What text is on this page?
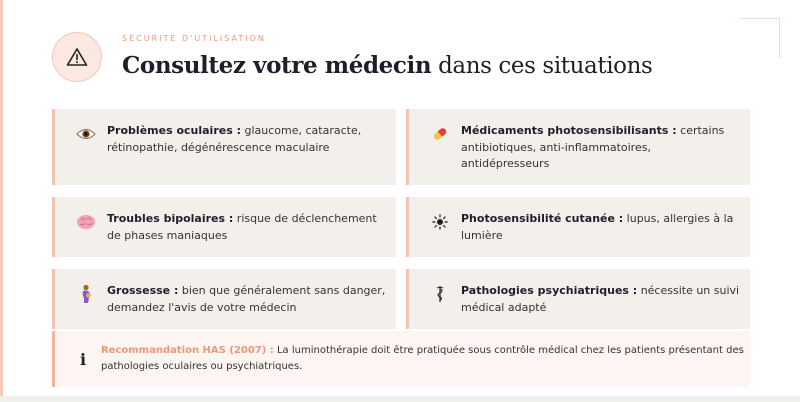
SÉCURITÉ D'UTILISATION
Consultez votre médecin dans ces situations
Problèmes oculaires : glaucome, cataracte, rétinopathie, dégénérescence maculaire
Médicaments photosensibilisants : certains antibiotiques, anti-inflammatoires, antidépresseurs
Troubles bipolaires : risque de déclenchement de phases maniaques
Photosensibilité cutanée : lupus, allergies à la lumière
Grossesse : bien que généralement sans danger, demandez l'avis de votre médecin
Pathologies psychiatriques : nécessite un suivi médical adapté
i	Recommandation HAS (2007) : La luminothérapie doit être pratiquée sous contrôle médical chez les patients présentant des pathologies oculaires ou psychiatriques.
